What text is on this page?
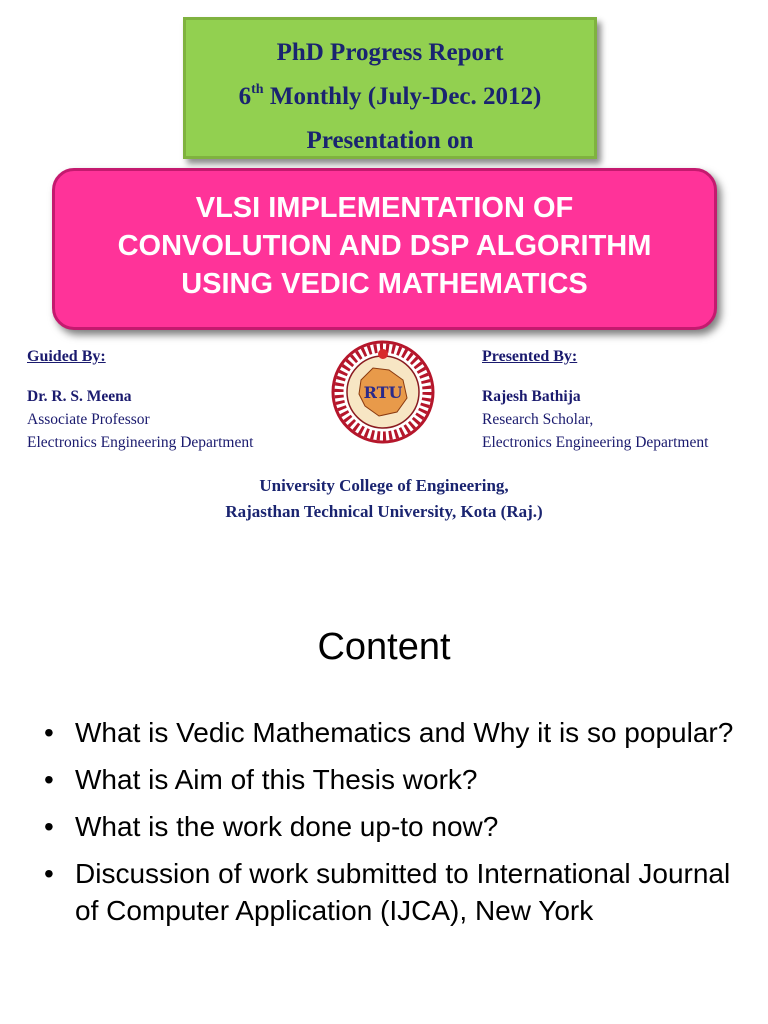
PhD Progress Report
6th Monthly (July-Dec. 2012)
Presentation on
VLSI IMPLEMENTATION OF
CONVOLUTION AND DSP ALGORITHM
USING VEDIC MATHEMATICS
Guided By:
Dr. R. S. Meena
Associate Professor
Electronics Engineering Department
RTU
Presented By:
Rajesh Bathija
Research Scholar,
Electronics Engineering Department
University College of Engineering,
Rajasthan Technical University, Kota (Raj.)
Content
• What is Vedic Mathematics and Why it is so popular?
• What is Aim of this Thesis work?
• What is the work done up-to now?
• Discussion of work submitted to International Journal of Computer Application (IJCA), New York
